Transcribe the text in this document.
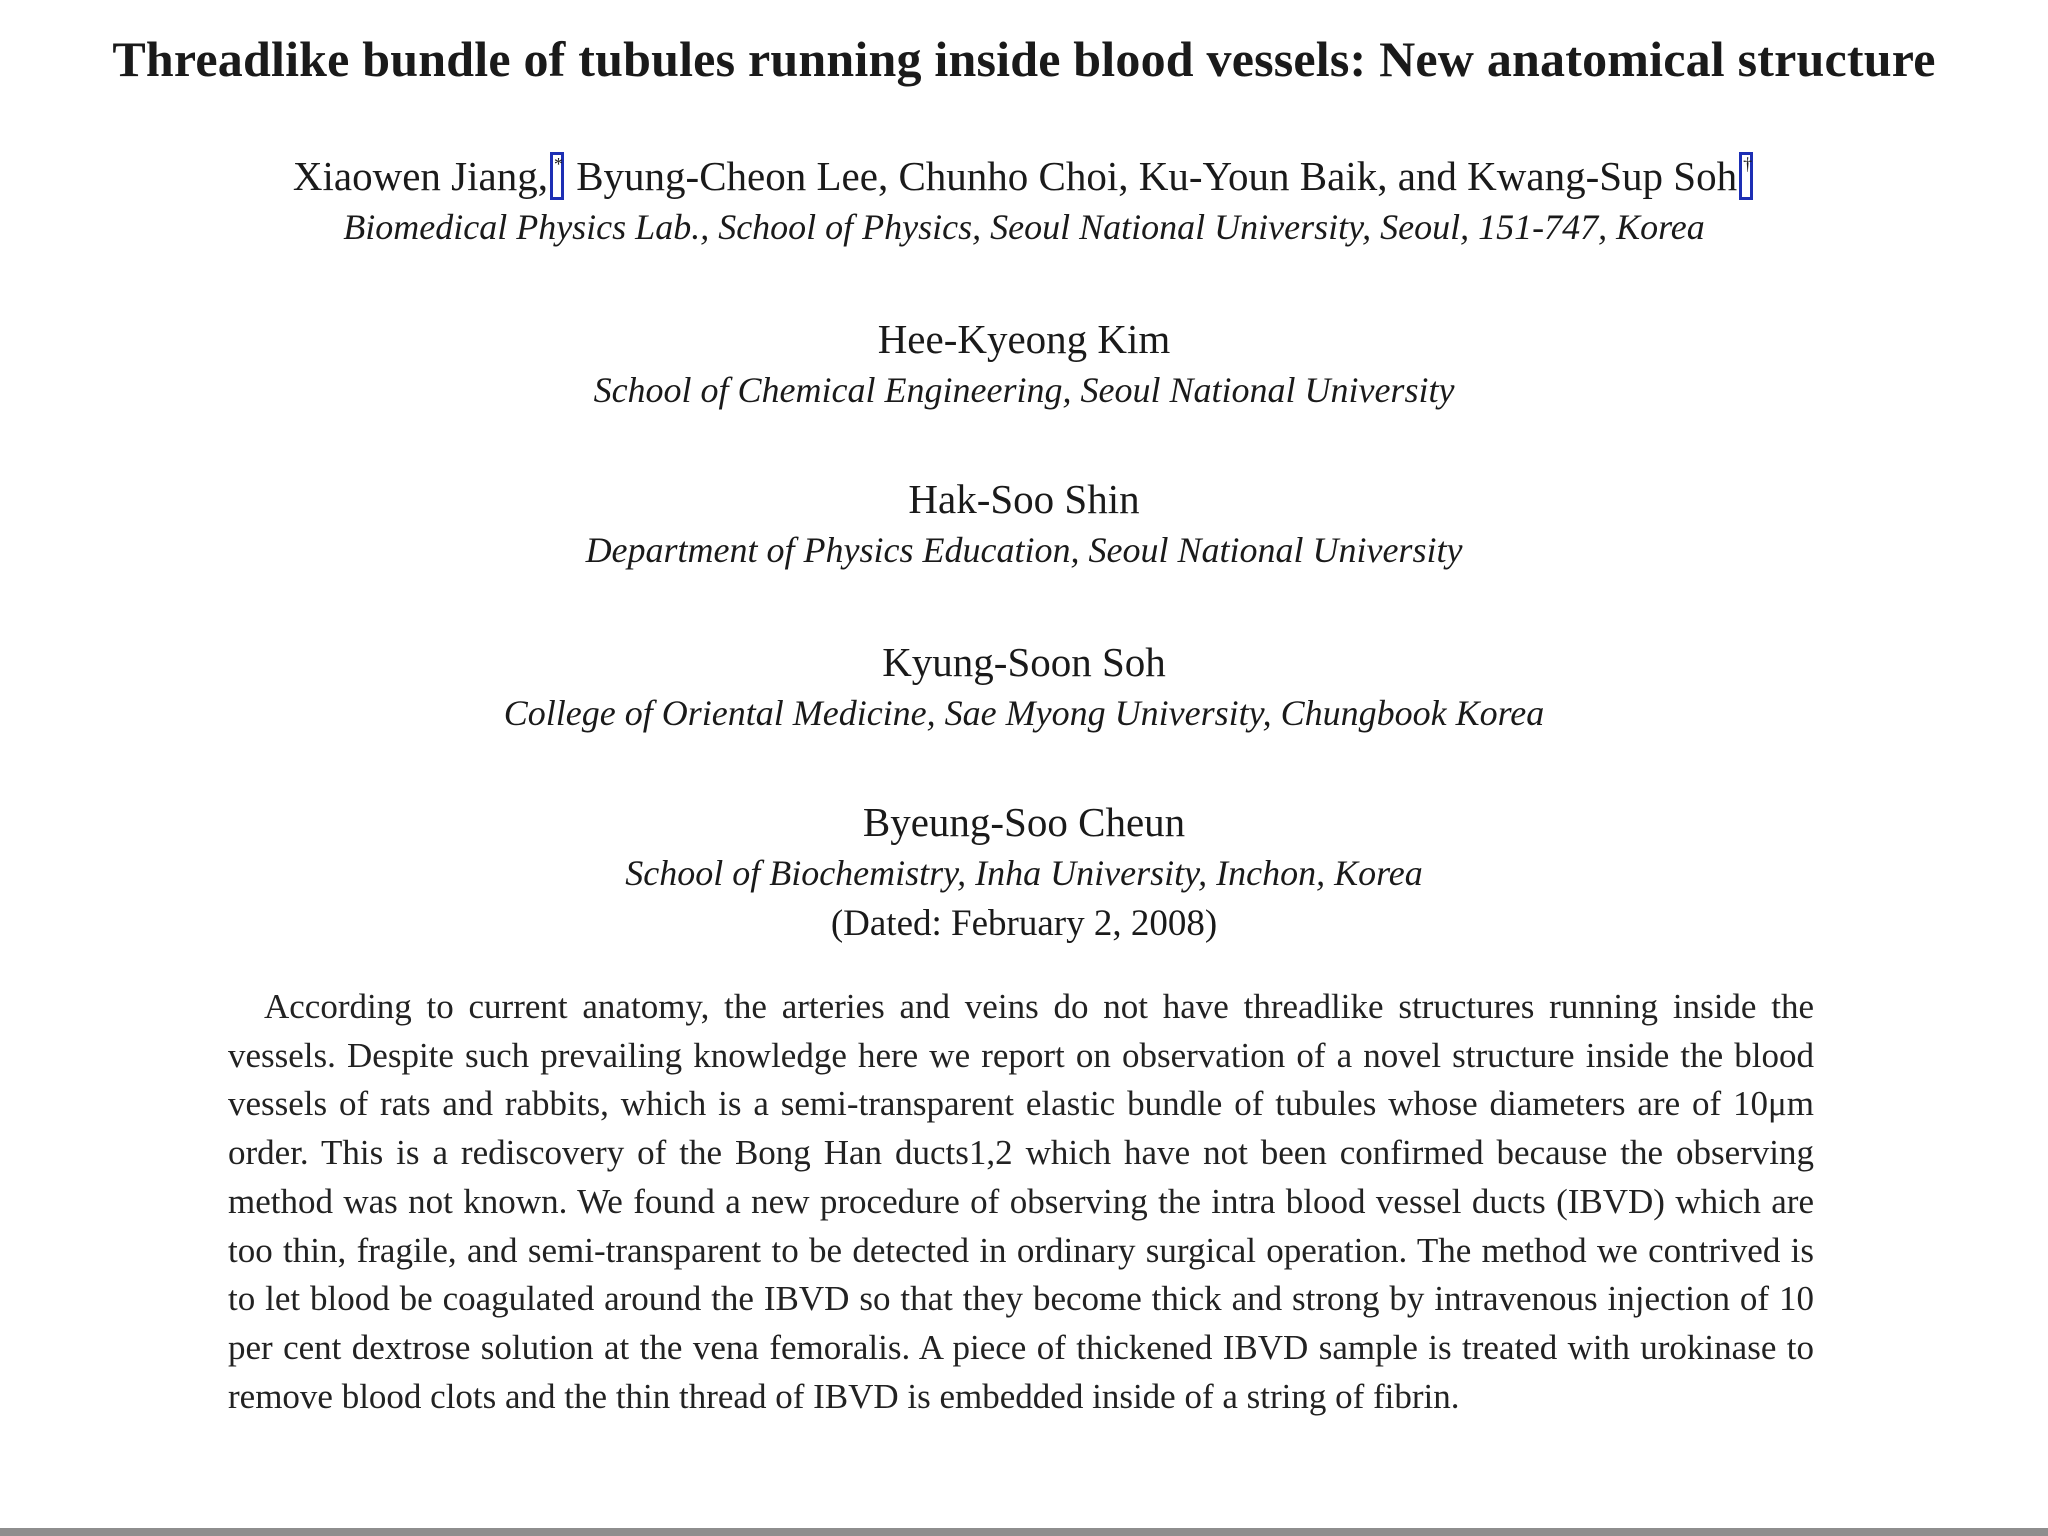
Threadlike bundle of tubules running inside blood vessels: New anatomical structure
Xiaowen Jiang, * Byung-Cheon Lee, Chunho Choi, Ku-Youn Baik, and Kwang-Sup Soh †
Biomedical Physics Lab., School of Physics, Seoul National University, Seoul, 151-747, Korea
Hee-Kyeong Kim
School of Chemical Engineering, Seoul National University
Hak-Soo Shin
Department of Physics Education, Seoul National University
Kyung-Soon Soh
College of Oriental Medicine, Sae Myong University, Chungbook Korea
Byeung-Soo Cheun
School of Biochemistry, Inha University, Inchon, Korea
(Dated: February 2, 2008)
According to current anatomy, the arteries and veins do not have threadlike structures running inside the vessels. Despite such prevailing knowledge here we report on observation of a novel structure inside the blood vessels of rats and rabbits, which is a semi-transparent elastic bundle of tubules whose diameters are of 10μm order. This is a rediscovery of the Bong Han ducts1,2 which have not been confirmed because the observing method was not known. We found a new procedure of observing the intra blood vessel ducts (IBVD) which are too thin, fragile, and semi-transparent to be detected in ordinary surgical operation. The method we contrived is to let blood be coagulated around the IBVD so that they become thick and strong by intravenous injection of 10 per cent dextrose solution at the vena femoralis. A piece of thickened IBVD sample is treated with urokinase to remove blood clots and the thin thread of IBVD is embedded inside of a string of fibrin.
